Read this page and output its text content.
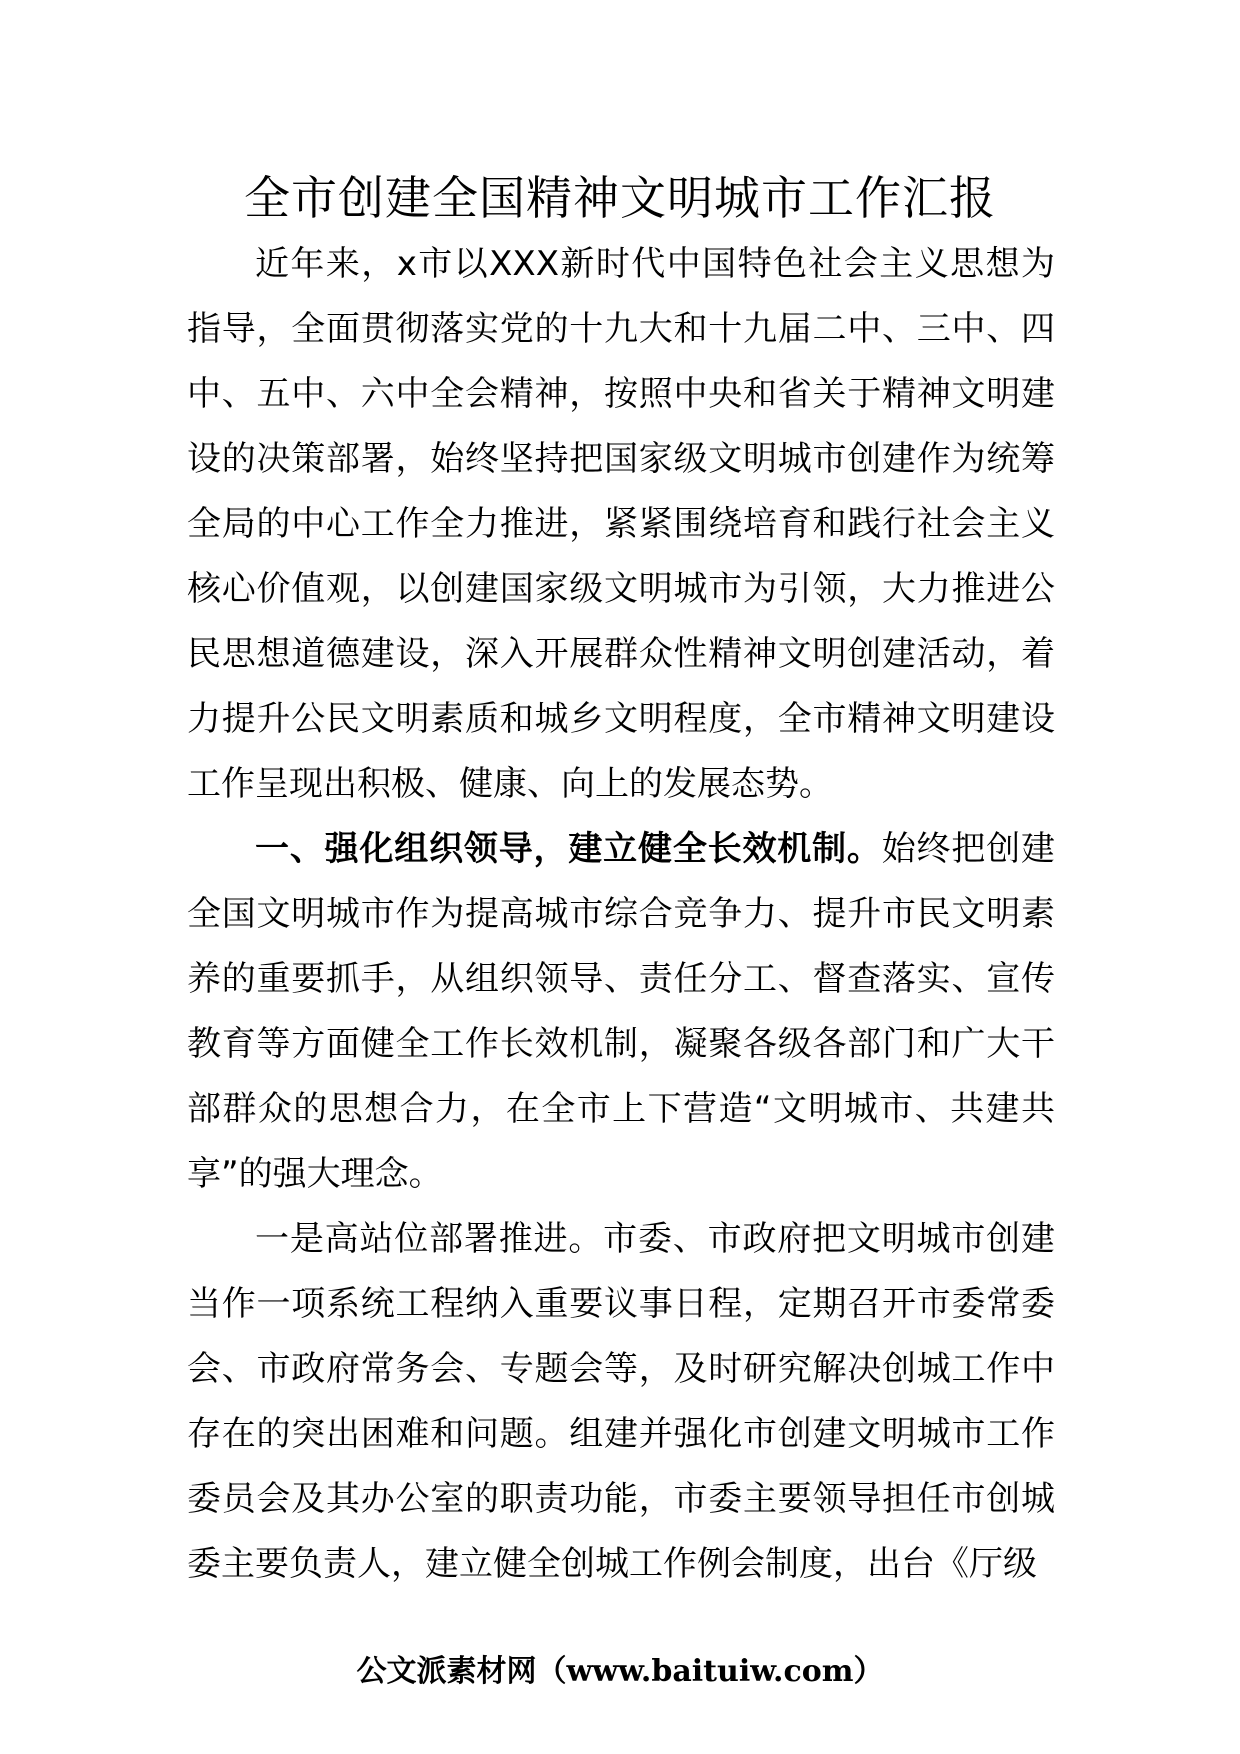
全市创建全国精神文明城市工作汇报

近年来，x市以XXX新时代中国特色社会主义思想为指导，全面贯彻落实党的十九大和十九届二中、三中、四中、五中、六中全会精神，按照中央和省关于精神文明建设的决策部署，始终坚持把国家级文明城市创建作为统筹全局的中心工作全力推进，紧紧围绕培育和践行社会主义核心价值观，以创建国家级文明城市为引领，大力推进公民思想道德建设，深入开展群众性精神文明创建活动，着力提升公民文明素质和城乡文明程度，全市精神文明建设工作呈现出积极、健康、向上的发展态势。

一、强化组织领导，建立健全长效机制。始终把创建全国文明城市作为提高城市综合竞争力、提升市民文明素养的重要抓手，从组织领导、责任分工、督查落实、宣传教育等方面健全工作长效机制，凝聚各级各部门和广大干部群众的思想合力，在全市上下营造“文明城市、共建共享”的强大理念。

一是高站位部署推进。市委、市政府把文明城市创建当作一项系统工程纳入重要议事日程，定期召开市委常委会、市政府常务会、专题会等，及时研究解决创城工作中存在的突出困难和问题。组建并强化市创建文明城市工作委员会及其办公室的职责功能，市委主要领导担任市创城委主要负责人，建立健全创城工作例会制度，出台《厅级

公文派素材网（www.baituiw.com）
